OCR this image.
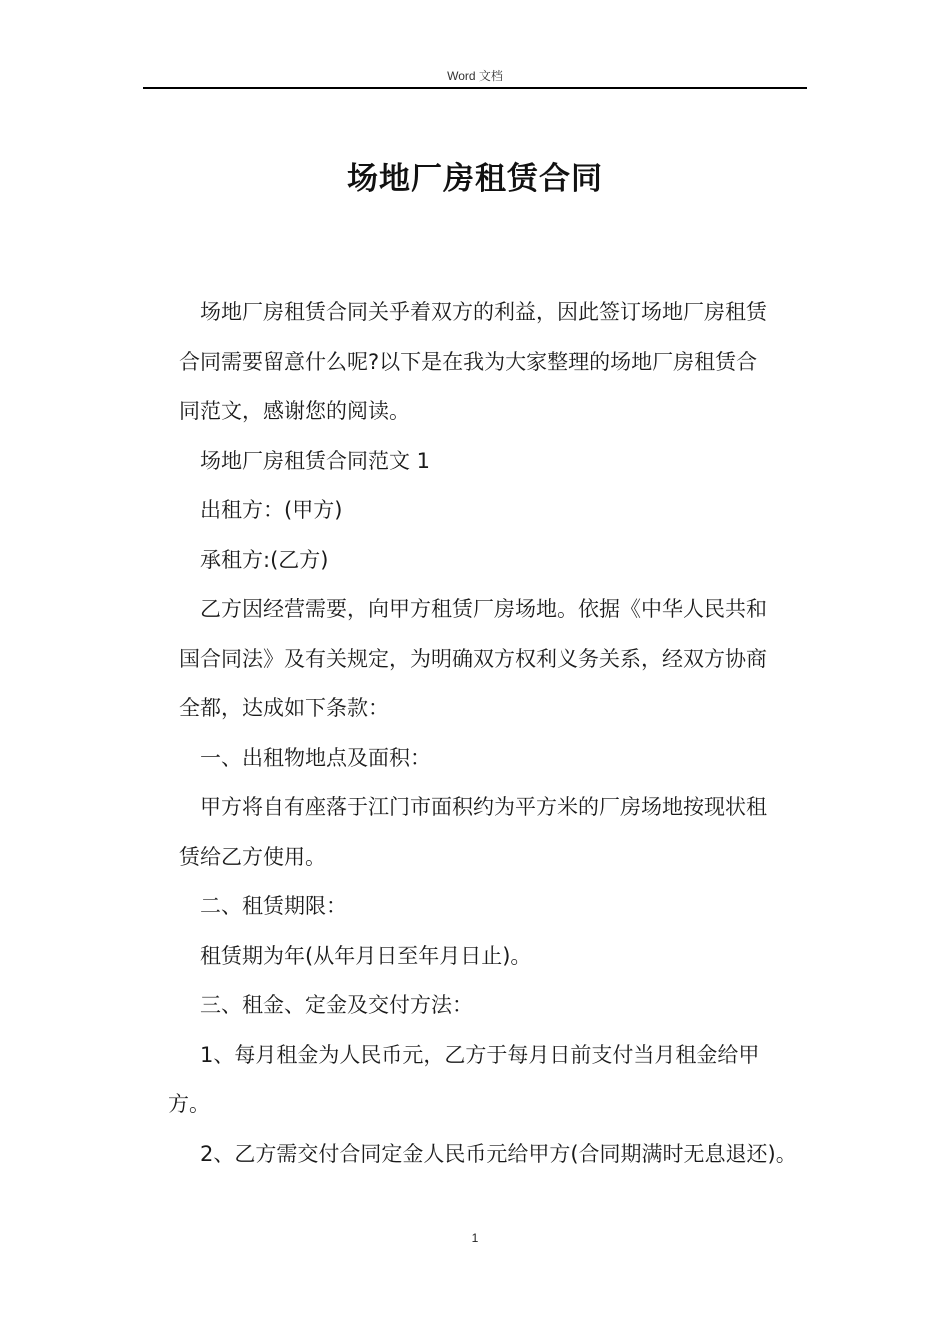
Word 文档
场地厂房租赁合同

场地厂房租赁合同关乎着双方的利益，因此签订场地厂房租赁

合同需要留意什么呢?以下是在我为大家整理的场地厂房租赁合

同范文，感谢您的阅读。

场地厂房租赁合同范文 1

出租方：(甲方)

承租方:(乙方)

乙方因经营需要，向甲方租赁厂房场地。依据《中华人民共和

国合同法》及有关规定，为明确双方权利义务关系，经双方协商

全都，达成如下条款：

一、出租物地点及面积：

甲方将自有座落于江门市面积约为平方米的厂房场地按现状租

赁给乙方使用。

二、租赁期限：

租赁期为年(从年月日至年月日止)。

三、租金、定金及交付方法：

1、每月租金为人民币元，乙方于每月日前支付当月租金给甲

方。

2、乙方需交付合同定金人民币元给甲方(合同期满时无息退还)。

1
